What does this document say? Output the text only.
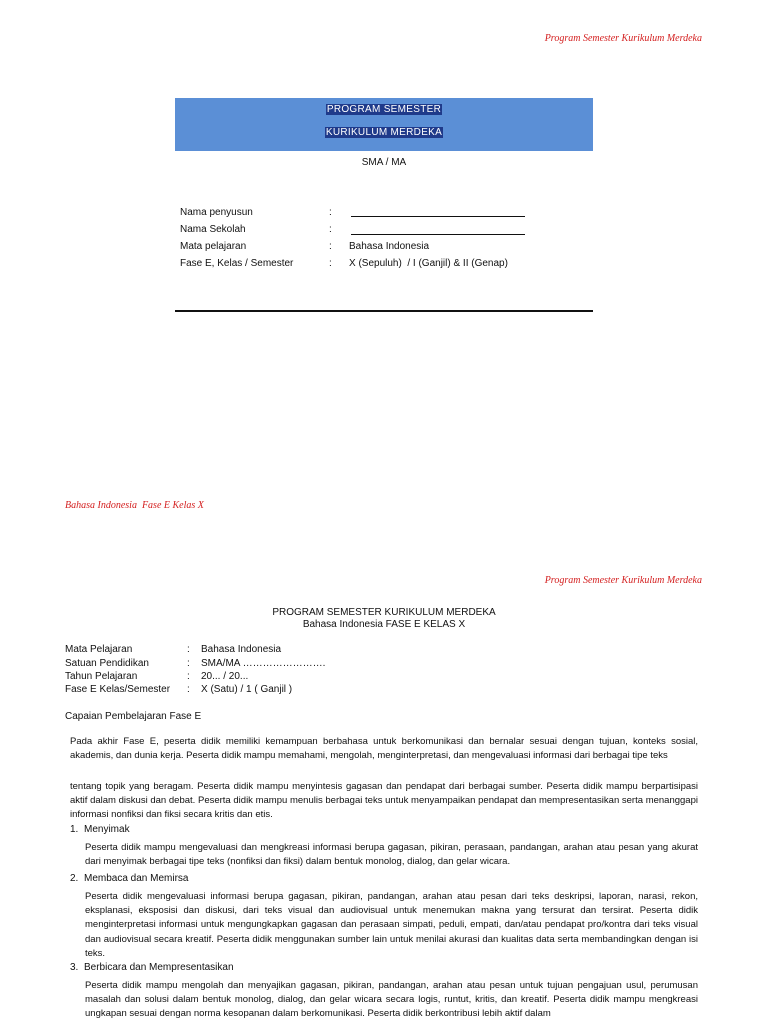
Program Semester Kurikulum Merdeka
PROGRAM SEMESTER
KURIKULUM MERDEKA
SMA / MA
Nama penyusun	:
Nama Sekolah	:
Mata pelajaran	: Bahasa Indonesia
Fase E, Kelas / Semester	: X (Sepuluh)  / I (Ganjil) & II (Genap)
Bahasa Indonesia  Fase E Kelas X
Program Semester Kurikulum Merdeka
PROGRAM SEMESTER KURIKULUM MERDEKA
Bahasa Indonesia FASE E KELAS X
Mata Pelajaran	: Bahasa Indonesia
Satuan Pendidikan	: SMA/MA …………………….
Tahun Pelajaran	: 20... / 20...
Fase E Kelas/Semester : X (Satu) / 1 ( Ganjil )
Capaian Pembelajaran Fase E
Pada akhir Fase E, peserta didik memiliki kemampuan berbahasa untuk berkomunikasi dan bernalar sesuai dengan tujuan, konteks sosial, akademis, dan dunia kerja. Peserta didik mampu memahami, mengolah, menginterpretasi, dan mengevaluasi informasi dari berbagai tipe teks
tentang topik yang beragam. Peserta didik mampu menyintesis gagasan dan pendapat dari berbagai sumber. Peserta didik mampu berpartisipasi aktif dalam diskusi dan debat. Peserta didik mampu menulis berbagai teks untuk menyampaikan pendapat dan mempresentasikan serta menanggapi informasi nonfiksi dan fiksi secara kritis dan etis.
1. Menyimak
Peserta didik mampu mengevaluasi dan mengkreasi informasi berupa gagasan, pikiran, perasaan, pandangan, arahan atau pesan yang akurat dari menyimak berbagai tipe teks (nonfiksi dan fiksi) dalam bentuk monolog, dialog, dan gelar wicara.
2. Membaca dan Memirsa
Peserta didik mengevaluasi informasi berupa gagasan, pikiran, pandangan, arahan atau pesan dari teks deskripsi, laporan, narasi, rekon, eksplanasi, eksposisi dan diskusi, dari teks visual dan audiovisual untuk menemukan makna yang tersurat dan tersirat. Peserta didik menginterpretasi informasi untuk mengungkapkan gagasan dan perasaan simpati, peduli, empati, dan/atau pendapat pro/kontra dari teks visual dan audiovisual secara kreatif. Peserta didik menggunakan sumber lain untuk menilai akurasi dan kualitas data serta membandingkan dengan isi teks.
3. Berbicara dan Mempresentasikan
Peserta didik mampu mengolah dan menyajikan gagasan, pikiran, pandangan, arahan atau pesan untuk tujuan pengajuan usul, perumusan masalah dan solusi dalam bentuk monolog, dialog, dan gelar wicara secara logis, runtut, kritis, dan kreatif. Peserta didik mampu mengkreasi ungkapan sesuai dengan norma kesopanan dalam berkomunikasi. Peserta didik berkontribusi lebih aktif dalam
